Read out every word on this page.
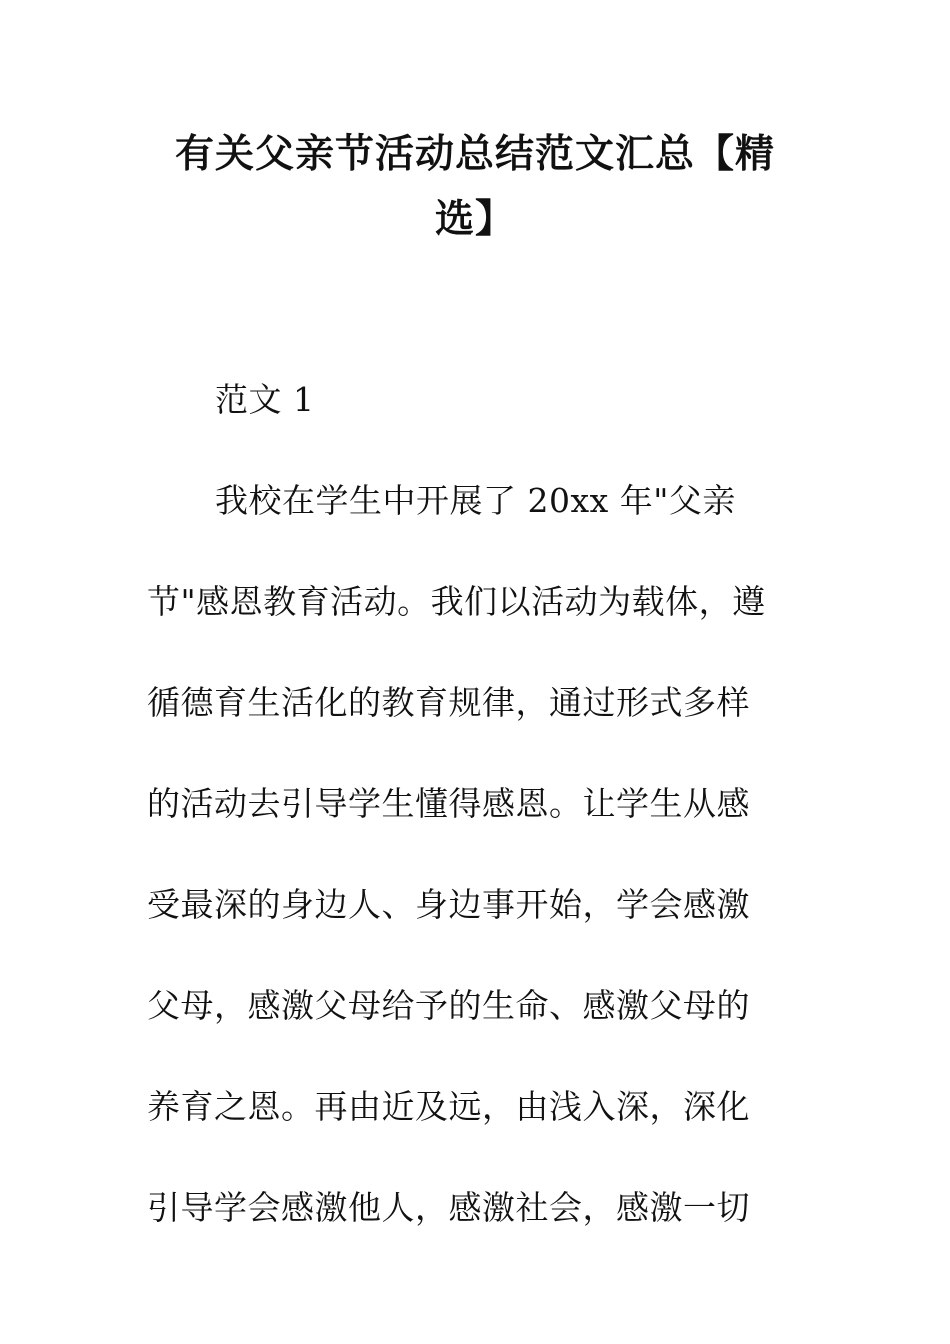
有关父亲节活动总结范文汇总【精
选】
范文 1
我校在学生中开展了 20xx 年"父亲
节"感恩教育活动。我们以活动为载体，遵
循德育生活化的教育规律，通过形式多样
的活动去引导学生懂得感恩。让学生从感
受最深的身边人、身边事开始，学会感激
父母，感激父母给予的生命、感激父母的
养育之恩。再由近及远，由浅入深，深化
引导学会感激他人，感激社会，感激一切
